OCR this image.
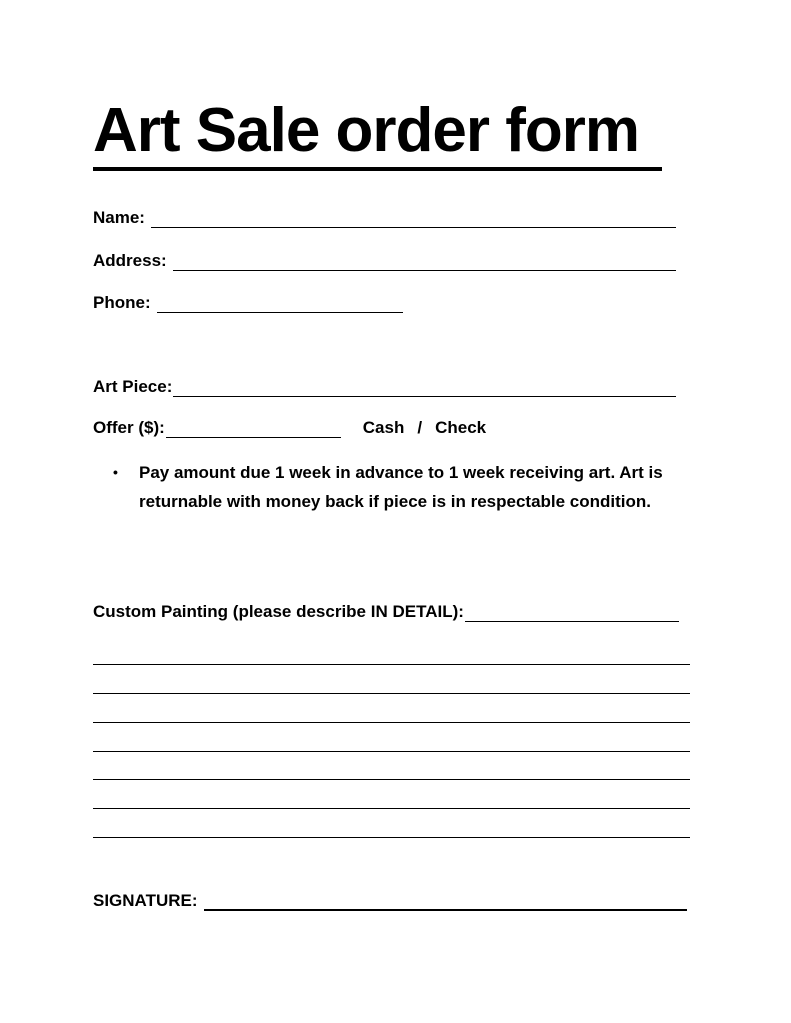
Art Sale order form
Name:
Address:
Phone:
Art Piece:
Offer ($):	Cash / Check
• Pay amount due 1 week in advance to 1 week receiving art. Art is returnable with money back if piece is in respectable condition.
Custom Painting (please describe IN DETAIL):
SIGNATURE:
